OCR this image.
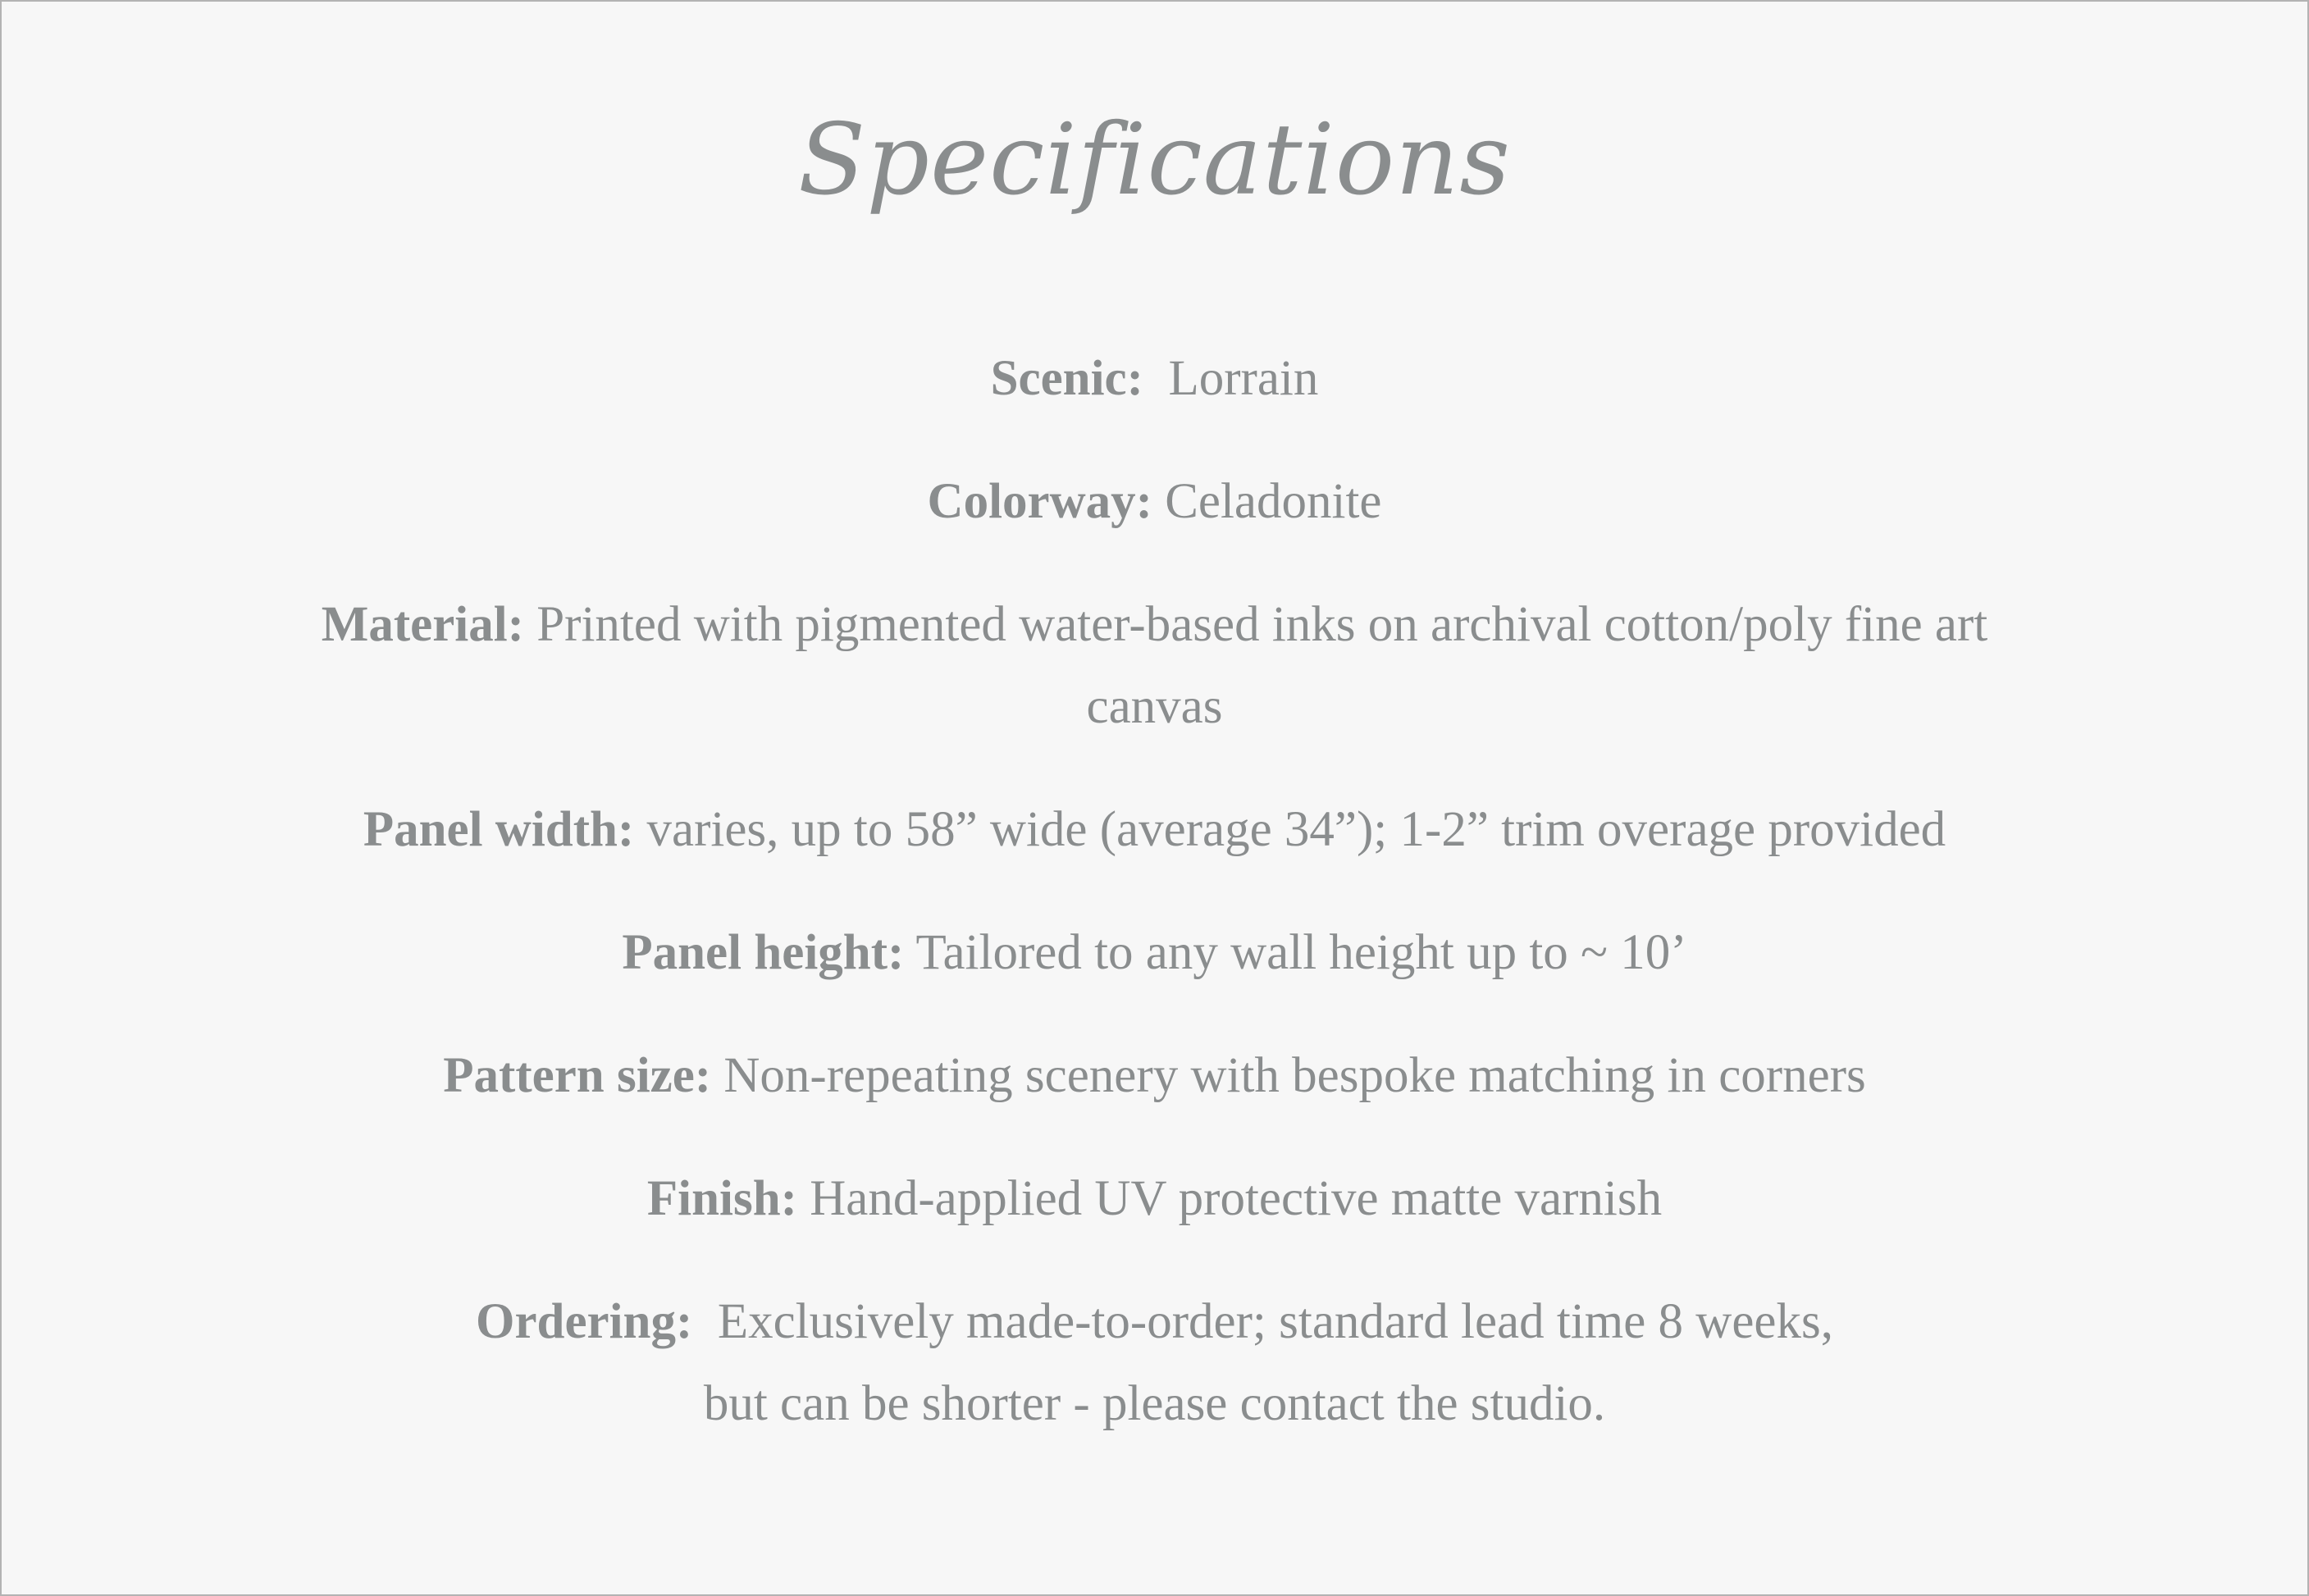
Specifications
Scenic: Lorrain
Colorway: Celadonite
Material: Printed with pigmented water-based inks on archival cotton/poly fine art canvas
Panel width: varies, up to 58” wide (average 34”); 1-2” trim overage provided
Panel height: Tailored to any wall height up to ~ 10’
Pattern size: Non-repeating scenery with bespoke matching in corners
Finish: Hand-applied UV protective matte varnish
Ordering: Exclusively made-to-order; standard lead time 8 weeks,
but can be shorter - please contact the studio.
